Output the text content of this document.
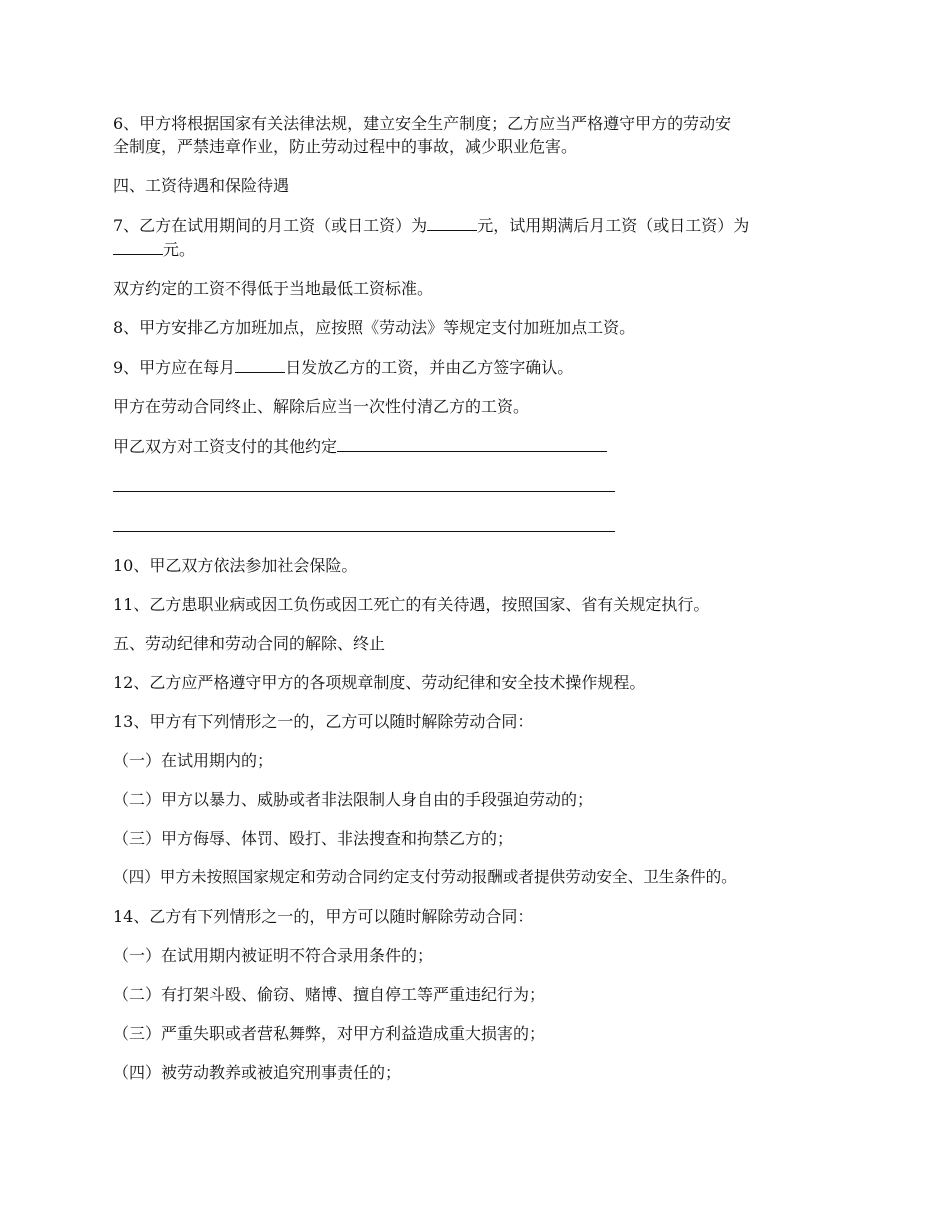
6、甲方将根据国家有关法律法规，建立安全生产制度；乙方应当严格遵守甲方的劳动安
全制度，严禁违章作业，防止劳动过程中的事故，减少职业危害。

四、工资待遇和保险待遇

7、乙方在试用期间的月工资（或日工资）为	元，试用期满后月工资（或日工资）为
元。

双方约定的工资不得低于当地最低工资标准。

8、甲方安排乙方加班加点，应按照《劳动法》等规定支付加班加点工资。

9、甲方应在每月	日发放乙方的工资，并由乙方签字确认。

甲方在劳动合同终止、解除后应当一次性付清乙方的工资。

甲乙双方对工资支付的其他约定

10、甲乙双方依法参加社会保险。

11、乙方患职业病或因工负伤或因工死亡的有关待遇，按照国家、省有关规定执行。

五、劳动纪律和劳动合同的解除、终止

12、乙方应严格遵守甲方的各项规章制度、劳动纪律和安全技术操作规程。

13、甲方有下列情形之一的，乙方可以随时解除劳动合同：

（一）在试用期内的；

（二）甲方以暴力、威胁或者非法限制人身自由的手段强迫劳动的；

（三）甲方侮辱、体罚、殴打、非法搜查和拘禁乙方的；

（四）甲方未按照国家规定和劳动合同约定支付劳动报酬或者提供劳动安全、卫生条件的。

14、乙方有下列情形之一的，甲方可以随时解除劳动合同：

（一）在试用期内被证明不符合录用条件的；

（二）有打架斗殴、偷窃、赌博、擅自停工等严重违纪行为；

（三）严重失职或者营私舞弊，对甲方利益造成重大损害的；

（四）被劳动教养或被追究刑事责任的；
